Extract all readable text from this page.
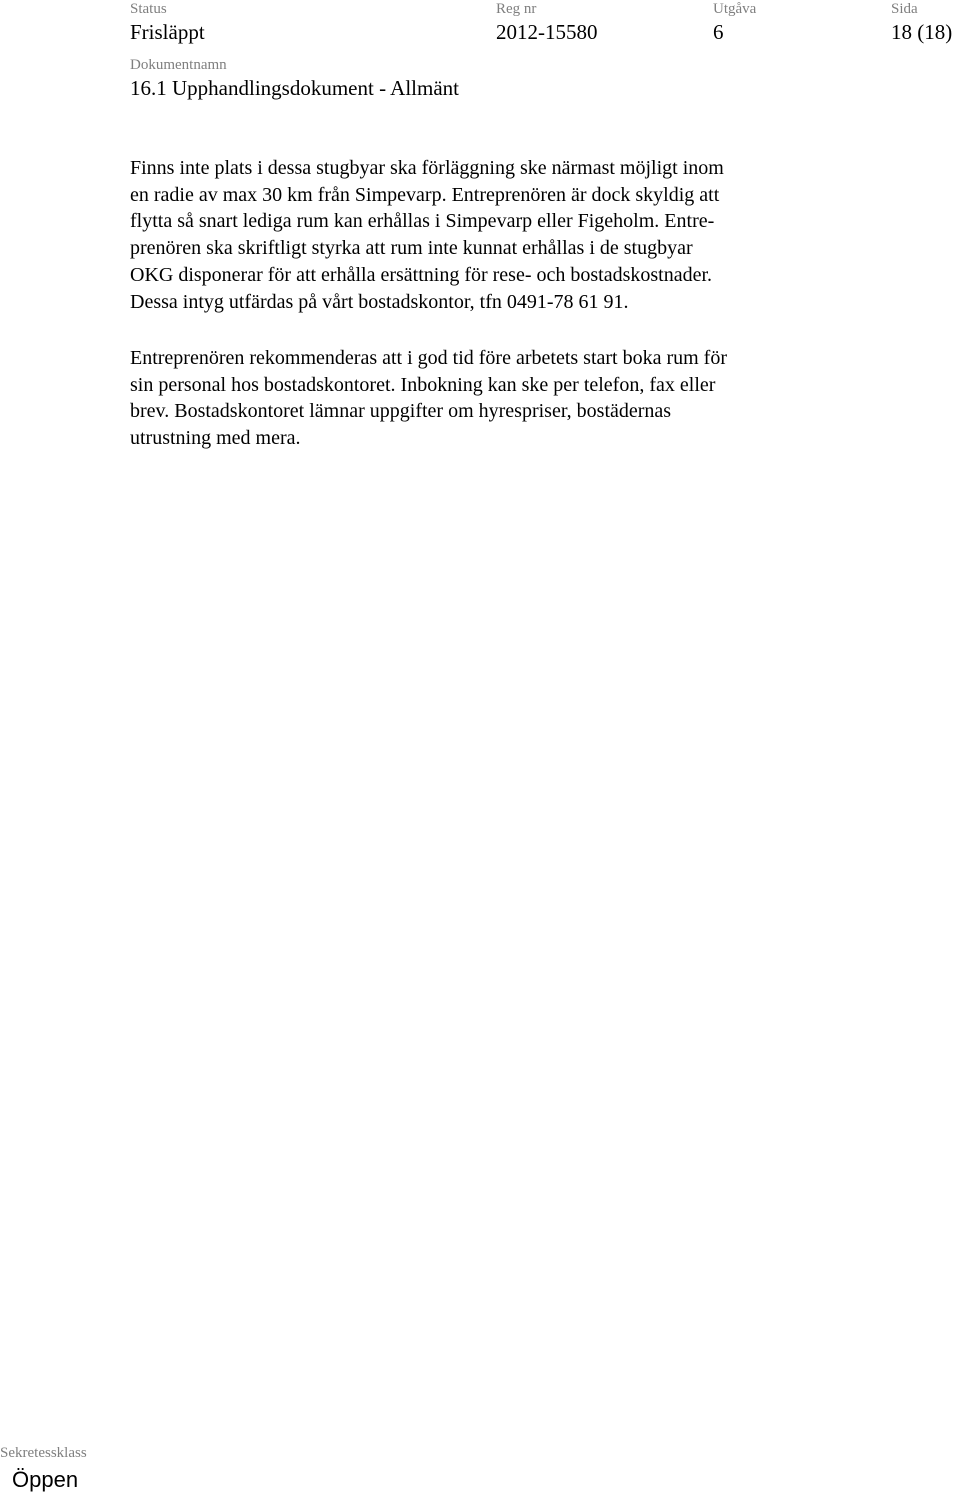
Status
Frisläppt
Reg nr
2012-15580
Utgåva
6
Sida
18 (18)
Dokumentnamn
16.1 Upphandlingsdokument - Allmänt

Finns inte plats i dessa stugbyar ska förläggning ske närmast möjligt inom
en radie av max 30 km från Simpevarp. Entreprenören är dock skyldig att
flytta så snart lediga rum kan erhållas i Simpevarp eller Figeholm. Entre-
prenören ska skriftligt styrka att rum inte kunnat erhållas i de stugbyar
OKG disponerar för att erhålla ersättning för rese- och bostadskostnader.
Dessa intyg utfärdas på vårt bostadskontor, tfn 0491-78 61 91.

Entreprenören rekommenderas att i god tid före arbetets start boka rum för
sin personal hos bostadskontoret. Inbokning kan ske per telefon, fax eller
brev. Bostadskontoret lämnar uppgifter om hyrespriser, bostädernas
utrustning med mera.

Sekretessklass
Öppen
